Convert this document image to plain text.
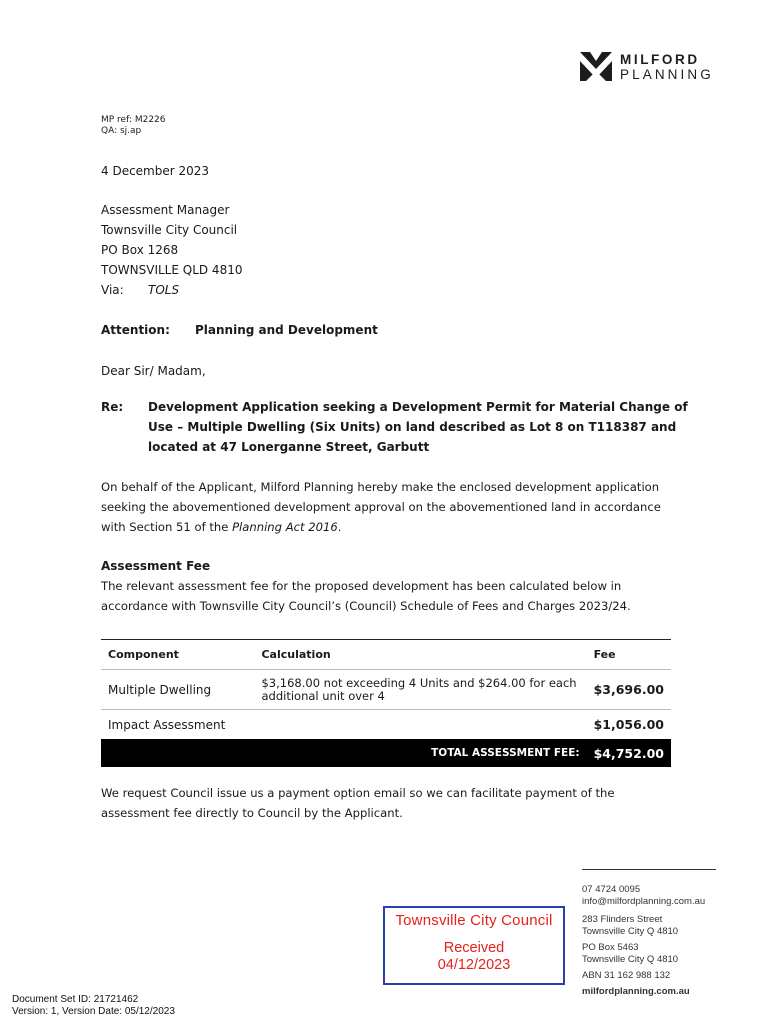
MILFORD
PLANNING
MP ref: M2226
QA: sj.ap
4 December 2023
Assessment Manager
Townsville City Council
PO Box 1268
TOWNSVILLE QLD 4810
Via: TOLS
Attention: Planning and Development
Dear Sir/ Madam,
Re: Development Application seeking a Development Permit for Material Change of
Use – Multiple Dwelling (Six Units) on land described as Lot 8 on T118387 and
located at 47 Lonerganne Street, Garbutt
On behalf of the Applicant, Milford Planning hereby make the enclosed development application
seeking the abovementioned development approval on the abovementioned land in accordance
with Section 51 of the Planning Act 2016.
Assessment Fee
The relevant assessment fee for the proposed development has been calculated below in
accordance with Townsville City Council’s (Council) Schedule of Fees and Charges 2023/24.
Component	Calculation	Fee
Multiple Dwelling	$3,168.00 not exceeding 4 Units and $264.00 for each additional unit over 4	$3,696.00
Impact Assessment		$1,056.00
TOTAL ASSESSMENT FEE:		$4,752.00
We request Council issue us a payment option email so we can facilitate payment of the
assessment fee directly to Council by the Applicant.
07 4724 0095
info@milfordplanning.com.au
283 Flinders Street
Townsville City Q 4810
PO Box 5463
Townsville City Q 4810
ABN 31 162 988 132
milfordplanning.com.au
Townsville City Council
Received
04/12/2023
Document Set ID: 21721462
Version: 1, Version Date: 05/12/2023
